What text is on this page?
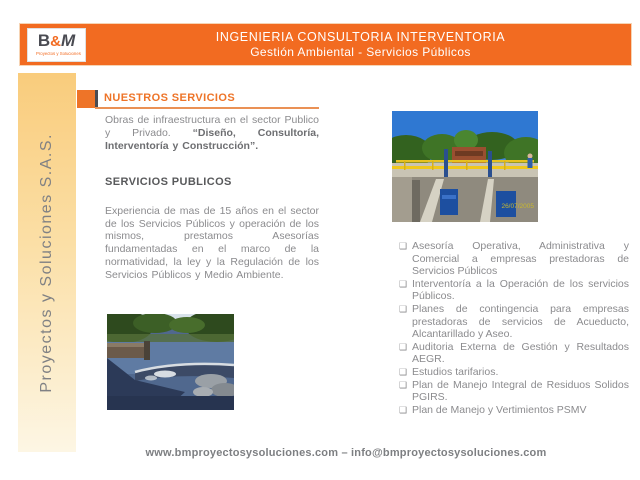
B&M
Proyectos y Soluciones
INGENIERIA CONSULTORIA INTERVENTORIA
Gestión Ambiental - Servicios Públicos
Proyectos y Soluciones S.A.S.
NUESTROS SERVICIOS

Obras de infraestructura en el sector Publico y Privado. “Diseño, Consultoría, Interventoría y Construcción”.

SERVICIOS PUBLICOS

Experiencia de mas de 15 años en el sector de los Servicios Públicos y operación de los mismos, prestamos Asesorías fundamentadas en el marco de la normatividad, la ley y la Regulación de los Servicios Públicos y Medio Ambiente.

26/07/2005
❑ Asesoría Operativa, Administrativa y Comercial a empresas prestadoras de Servicios Públicos
❑ Interventoría a la Operación de los servicios Públicos.
❑ Planes de contingencia para empresas prestadoras de servicios de Acueducto, Alcantarillado y Aseo.
❑ Auditoria Externa de Gestión y Resultados AEGR.
❑ Estudios tarifarios.
❑ Plan de Manejo Integral de Residuos Solidos PGIRS.
❑ Plan de Manejo y Vertimientos PSMV
www.bmproyectosysoluciones.com – info@bmproyectosysoluciones.com
